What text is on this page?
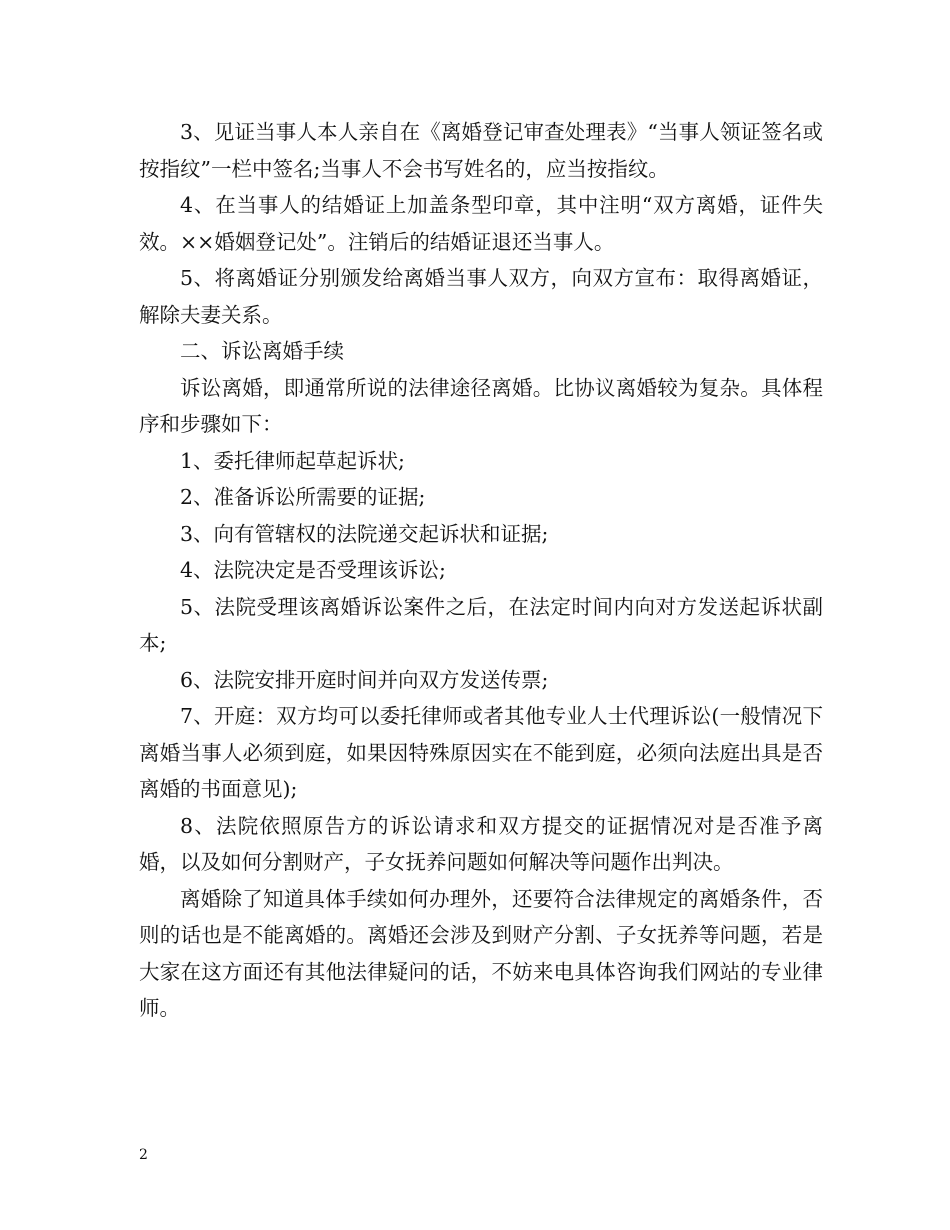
3、见证当事人本人亲自在《离婚登记审查处理表》“当事人领证签名或按指纹”一栏中签名;当事人不会书写姓名的，应当按指纹。

4、在当事人的结婚证上加盖条型印章，其中注明“双方离婚，证件失效。××婚姻登记处”。注销后的结婚证退还当事人。

5、将离婚证分别颁发给离婚当事人双方，向双方宣布：取得离婚证，解除夫妻关系。

二、诉讼离婚手续

诉讼离婚，即通常所说的法律途径离婚。比协议离婚较为复杂。具体程序和步骤如下：

1、委托律师起草起诉状;

2、准备诉讼所需要的证据;

3、向有管辖权的法院递交起诉状和证据;

4、法院决定是否受理该诉讼;

5、法院受理该离婚诉讼案件之后，在法定时间内向对方发送起诉状副本;

6、法院安排开庭时间并向双方发送传票;

7、开庭：双方均可以委托律师或者其他专业人士代理诉讼(一般情况下离婚当事人必须到庭，如果因特殊原因实在不能到庭，必须向法庭出具是否离婚的书面意见);

8、法院依照原告方的诉讼请求和双方提交的证据情况对是否准予离婚，以及如何分割财产，子女抚养问题如何解决等问题作出判决。

离婚除了知道具体手续如何办理外，还要符合法律规定的离婚条件，否则的话也是不能离婚的。离婚还会涉及到财产分割、子女抚养等问题，若是大家在这方面还有其他法律疑问的话，不妨来电具体咨询我们网站的专业律师。

2
